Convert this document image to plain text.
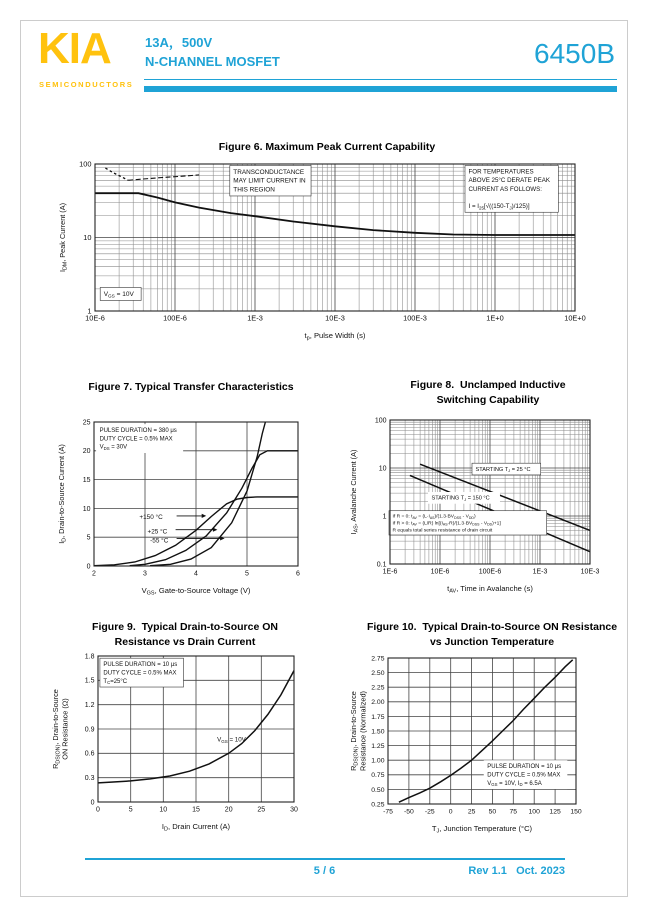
KIA
SEMICONDUCTORS
13A，500V
N-CHANNEL MOSFET	6450B
Figure 6. Maximum Peak Current Capability
TRANSCONDUCTANCE
MAY LIMIT CURRENT IN
THIS REGION
FOR TEMPERATURES
ABOVE 25°C DERATE PEAK
CURRENT AS FOLLOWS:
$I = I_{25}[√((150-T_J)/125)]$
$V_{GS} = 10V$
10E-6	100E-6	1E-3	10E-3	100E-3	1E+0	10E+0
1
10
100
$t_p$, Pulse Width (s)
$I_{DM}$, Peak Current (A)
Figure 7. Typical Transfer Characteristics
PULSE DURATION = 380 μs
DUTY CYCLE = 0.5% MAX
$V_{DS} = 30V$
+150 °C
+25 °C
-55 °C
2	3	4	5	6
0
5
10
15
20
25
$V_{GS}$, Gate-to-Source Voltage (V)
$I_D$, Drain-to-Source Current (A)
Figure 8.  Unclamped Inductive
Switching Capability
STARTING $T_J = 25$ °C
STARTING $T_J = 150$ °C
If R = 0: $t_{AV} = (L\cdot I_{AS})/(1.3\cdot BV_{DSS} - V_{DD})$
If R > 0: $t_{AV} = (L/R)$ $\ln[(I_{AS}\cdot R)/(1.3\cdot BV_{DSS} - V_{DD})+1]$
R equals total series resistance of drain circuit
1E-6	10E-6	100E-6	1E-3	10E-3
0.1
1
10
100
$t_{AV}$, Time in Avalanche (s)
$I_{AS}$, Avalanche Current (A)
Figure 9.  Typical Drain-to-Source ON
Resistance vs Drain Current
PULSE DURATION = 10 μs
DUTY CYCLE = 0.5% MAX
$T_C=25^\circ C$
$V_{GS} = 10V$
0	5	10	15	20	25	30
0
0.3
0.6
0.9
1.2
1.5
1.8
$I_D$, Drain Current (A)
$R_{DS(ON)}$, Drain-to-Source ON Resistance (Ω)
Figure 10.  Typical Drain-to-Source ON Resistance
vs Junction Temperature
PULSE DURATION = 10 μs
DUTY CYCLE = 0.5% MAX
$V_{GS} = 10V$, $I_D = 6.5A$
-75 -50 -25 0 25 50 75 100 125 150
0.25
0.50
0.75
1.00
1.25
1.50
1.75
2.00
2.25
2.50
2.75
$T_J$, Junction Temperature (°C)
$R_{DS(ON)}$, Drain-to-Source Resistance (Normalized)
5 / 6	Rev 1.1   Oct. 2023
